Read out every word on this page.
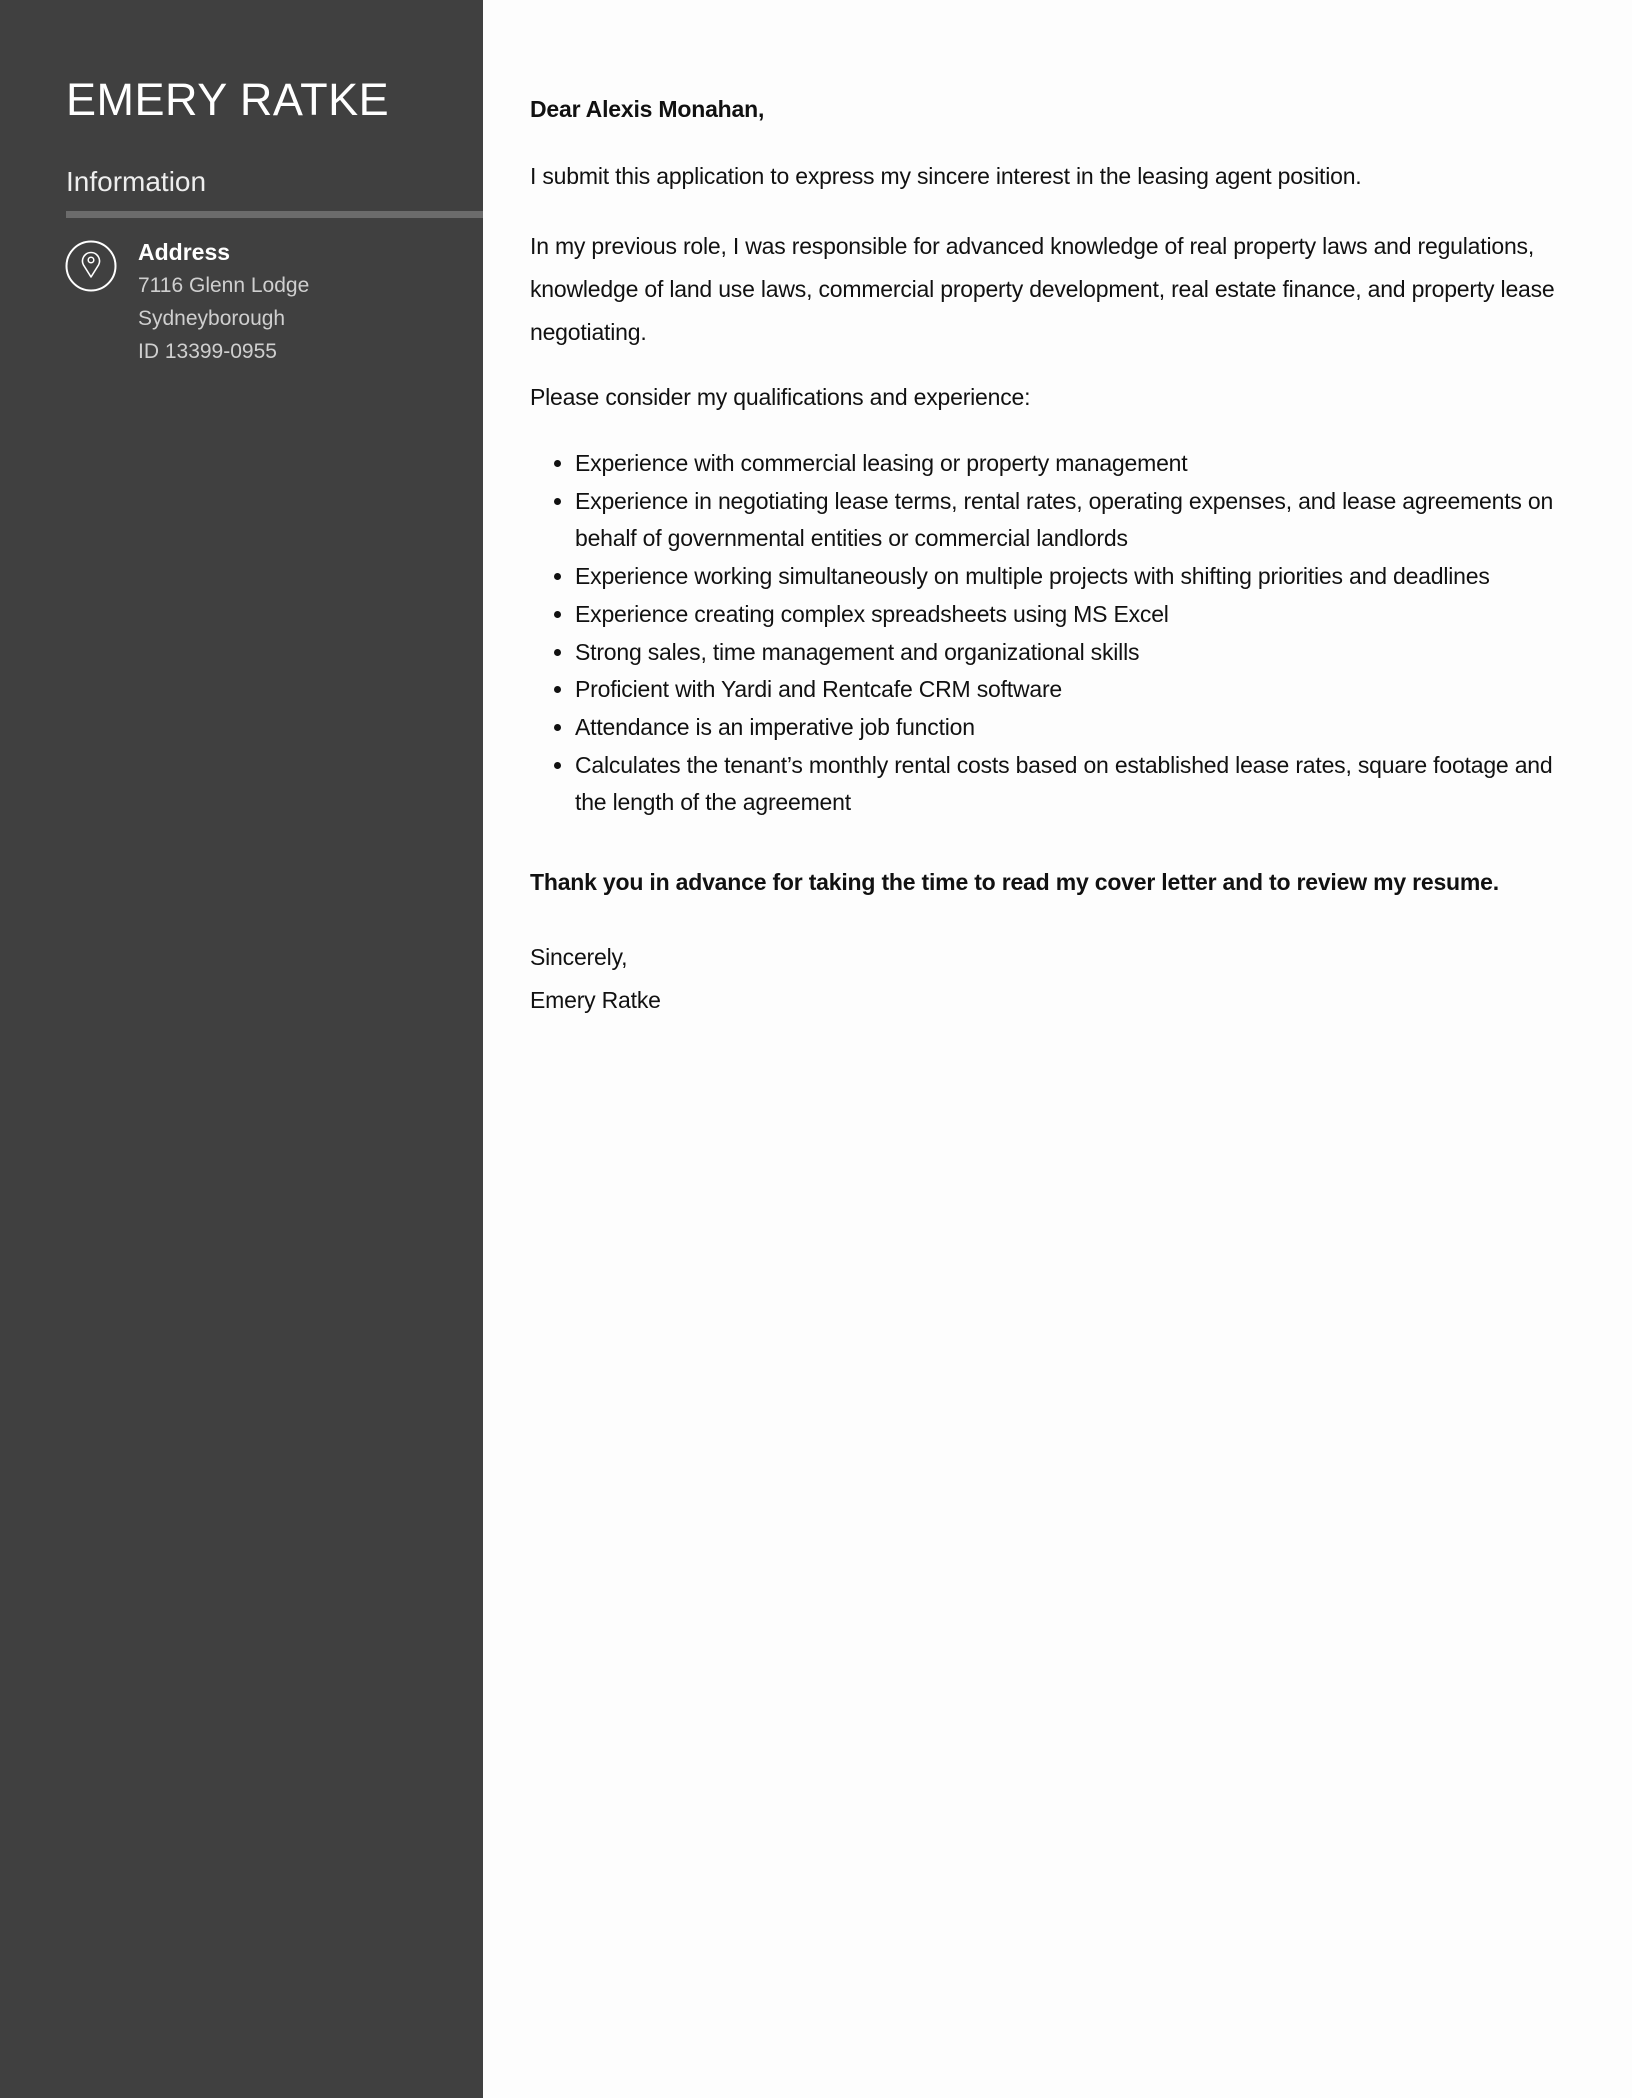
EMERY RATKE
Information
Address
7116 Glenn Lodge
Sydneyborough
ID 13399-0955

Dear Alexis Monahan,

I submit this application to express my sincere interest in the leasing agent position.

In my previous role, I was responsible for advanced knowledge of real property laws and regulations, knowledge of land use laws, commercial property development, real estate finance, and property lease negotiating.

Please consider my qualifications and experience:

• Experience with commercial leasing or property management
• Experience in negotiating lease terms, rental rates, operating expenses, and lease agreements on behalf of governmental entities or commercial landlords
• Experience working simultaneously on multiple projects with shifting priorities and deadlines
• Experience creating complex spreadsheets using MS Excel
• Strong sales, time management and organizational skills
• Proficient with Yardi and Rentcafe CRM software
• Attendance is an imperative job function
• Calculates the tenant’s monthly rental costs based on established lease rates, square footage and the length of the agreement

Thank you in advance for taking the time to read my cover letter and to review my resume.

Sincerely,
Emery Ratke
